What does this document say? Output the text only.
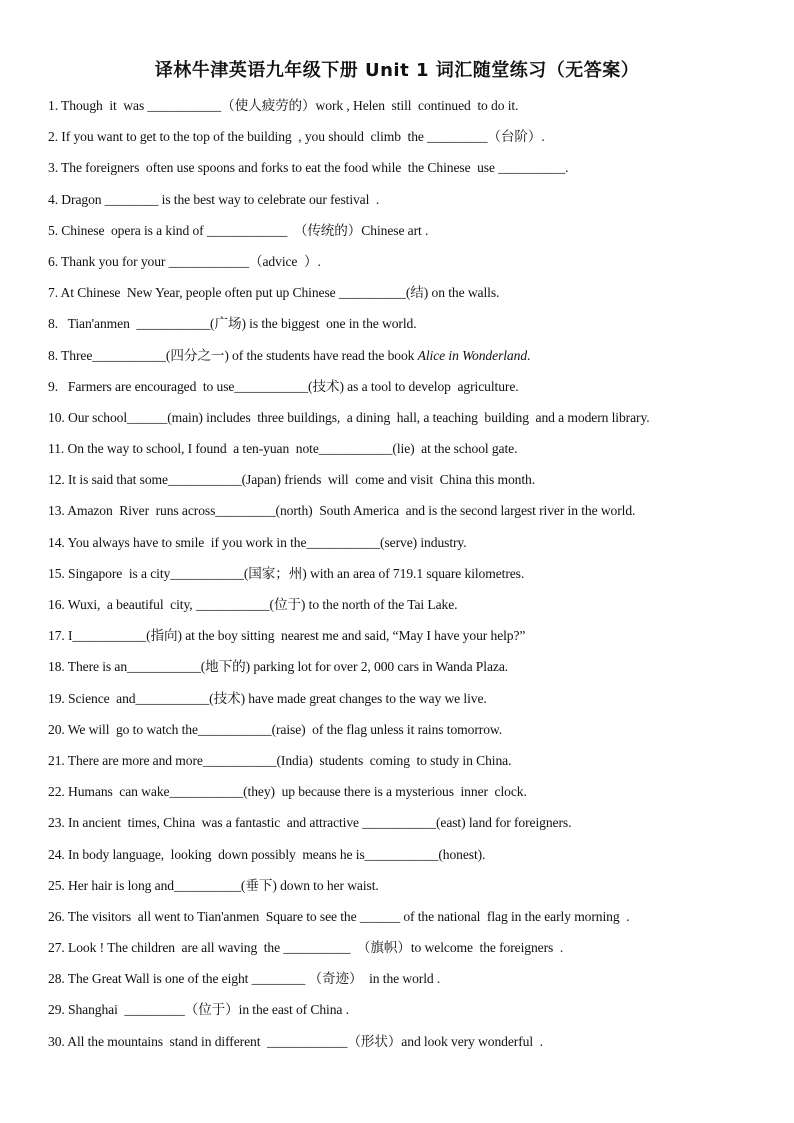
译林牛津英语九年级下册 Unit 1 词汇随堂练习（无答案）
1. Though  it  was ___________（使人疲劳的）work , Helen  still  continued  to do it.
2. If you want to get to the top of the building  , you should  climb  the _________（台阶）.
3. The foreigners  often use spoons and forks to eat the food while  the Chinese  use __________.
4. Dragon ________ is the best way to celebrate our festival  .
5. Chinese  opera is a kind of ____________  （传统的）Chinese art .
6. Thank you for your ____________（advice  ）.
7. At Chinese  New Year, people often put up Chinese __________(结) on the walls.
8.   Tian'anmen  ___________(广场) is the biggest  one in the world.
8. Three___________(四分之一) of the students have read the book Alice in Wonderland.
9.   Farmers are encouraged  to use___________(技术) as a tool to develop  agriculture.
10. Our school______(main) includes  three buildings,  a dining  hall, a teaching  building  and a modern library.
11. On the way to school, I found  a ten-yuan  note___________(lie)  at the school gate.
12. It is said that some___________(Japan) friends  will  come and visit  China this month.
13. Amazon  River  runs across_________(north)  South America  and is the second largest river in the world.
14. You always have to smile  if you work in the___________(serve) industry.
15. Singapore  is a city___________(国家；州) with an area of 719.1 square kilometres.
16. Wuxi,  a beautiful  city, ___________(位于) to the north of the Tai Lake.
17. I___________(指向) at the boy sitting  nearest me and said, “May I have your help?”
18. There is an___________(地下的) parking lot for over 2, 000 cars in Wanda Plaza.
19. Science  and___________(技术) have made great changes to the way we live.
20. We will  go to watch the___________(raise)  of the flag unless it rains tomorrow.
21. There are more and more___________(India)  students  coming  to study in China.
22. Humans  can wake___________(they)  up because there is a mysterious  inner  clock.
23. In ancient  times, China  was a fantastic  and attractive ___________(east) land for foreigners.
24. In body language,  looking  down possibly  means he is___________(honest).
25. Her hair is long and__________(垂下) down to her waist.
26. The visitors  all went to Tian'anmen  Square to see the ______ of the national  flag in the early morning  .
27. Look ! The children  are all waving  the __________  （旗帜）to welcome  the foreigners  .
28. The Great Wall is one of the eight ________ （奇迹）  in the world .
29. Shanghai  _________（位于）in the east of China .
30. All the mountains  stand in different  ____________（形状）and look very wonderful  .
